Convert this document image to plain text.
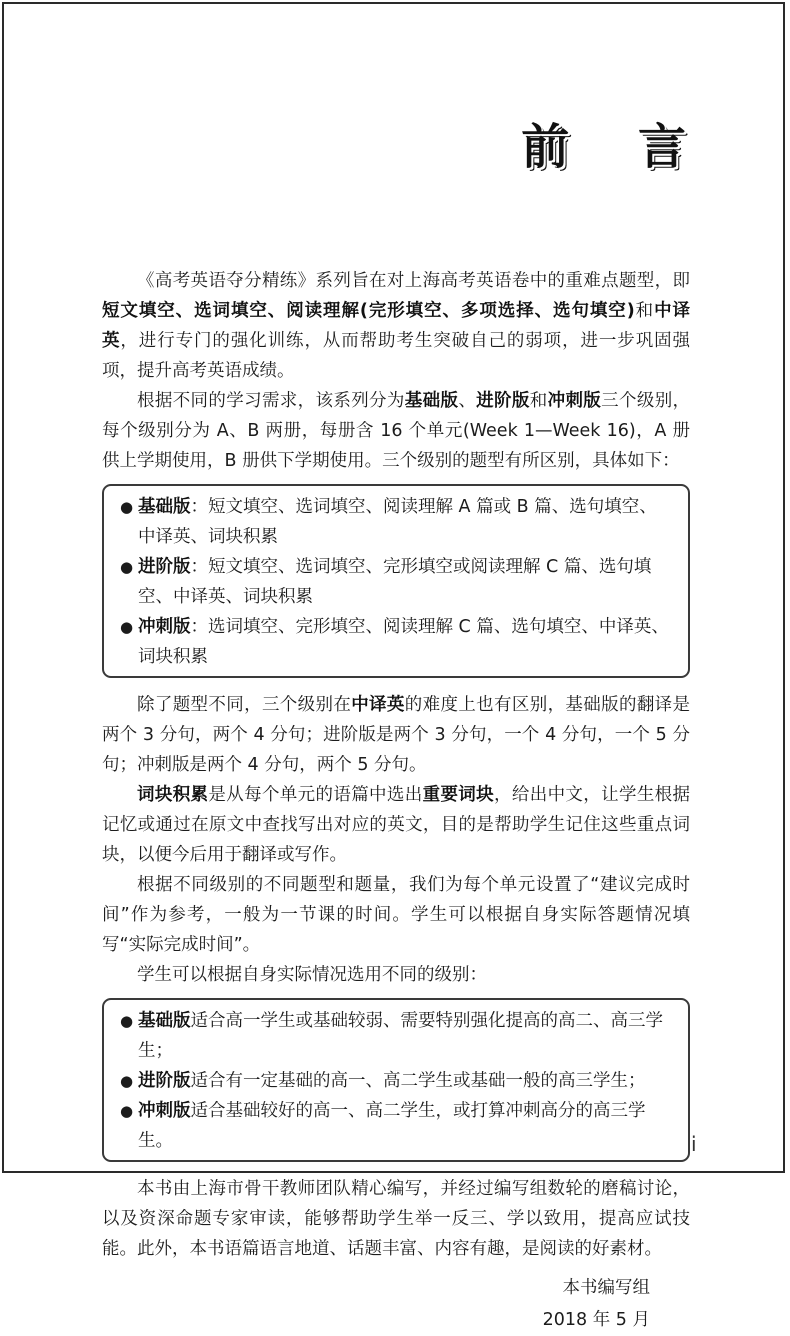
前 言

《高考英语夺分精练》系列旨在对上海高考英语卷中的重难点题型，即短文填空、选词填空、阅读理解(完形填空、多项选择、选句填空)和中译英，进行专门的强化训练，从而帮助考生突破自己的弱项，进一步巩固强项，提升高考英语成绩。

根据不同的学习需求，该系列分为基础版、进阶版和冲刺版三个级别，每个级别分为 A、B 两册，每册含 16 个单元(Week 1—Week 16)，A 册供上学期使用，B 册供下学期使用。三个级别的题型有所区别，具体如下：

● 基础版：短文填空、选词填空、阅读理解 A 篇或 B 篇、选句填空、中译英、词块积累
● 进阶版：短文填空、选词填空、完形填空或阅读理解 C 篇、选句填空、中译英、词块积累
● 冲刺版：选词填空、完形填空、阅读理解 C 篇、选句填空、中译英、词块积累

除了题型不同，三个级别在中译英的难度上也有区别，基础版的翻译是两个 3 分句，两个 4 分句；进阶版是两个 3 分句，一个 4 分句，一个 5 分句；冲刺版是两个 4 分句，两个 5 分句。

词块积累是从每个单元的语篇中选出重要词块，给出中文，让学生根据记忆或通过在原文中查找写出对应的英文，目的是帮助学生记住这些重点词块，以便今后用于翻译或写作。

根据不同级别的不同题型和题量，我们为每个单元设置了“建议完成时间”作为参考，一般为一节课的时间。学生可以根据自身实际答题情况填写“实际完成时间”。

学生可以根据自身实际情况选用不同的级别：

● 基础版适合高一学生或基础较弱、需要特别强化提高的高二、高三学生；
● 进阶版适合有一定基础的高一、高二学生或基础一般的高三学生；
● 冲刺版适合基础较好的高一、高二学生，或打算冲刺高分的高三学生。

本书由上海市骨干教师团队精心编写，并经过编写组数轮的磨稿讨论，以及资深命题专家审读，能够帮助学生举一反三、学以致用，提高应试技能。此外，本书语篇语言地道、话题丰富、内容有趣，是阅读的好素材。

本书编写组
2018 年 5 月
i
